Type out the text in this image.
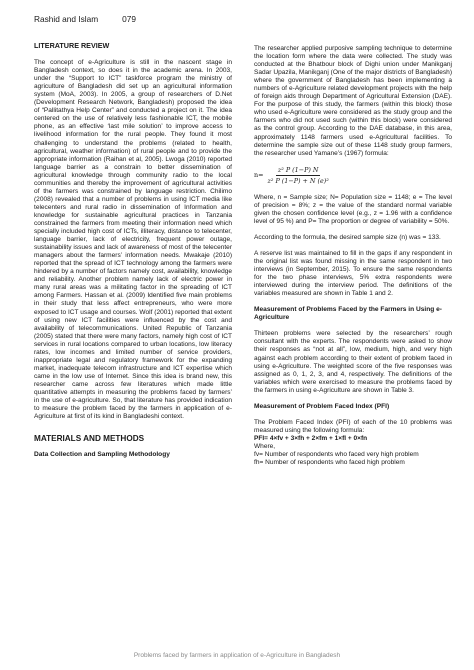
Rashid and Islam	079
LITERATURE REVIEW

The concept of e-Agriculture is still in the nascent stage in Bangladesh context, so does it in the academic arena. In 2003, under the “Support to ICT” taskforce program the ministry of agriculture of Bangladesh did set up an agricultural information system (MoA, 2003). In 2005, a group of researchers of D.Net (Development Research Network, Bangladesh) proposed the idea of “Pallitathya Help Center” and conducted a project on it. The idea centered on the use of relatively less fashionable ICT, the mobile phone, as an effective ‘last mile solution’ to improve access to livelihood information for the rural people. They found it most challenging to understand the problems (related to health, agricultural, weather information) of rural people and to provide the appropriate information (Raihan et al, 2005). Lwoga (2010) reported language barrier as a constrain to better dissemination of agricultural knowledge through community radio to the local communities and thereby the improvement of agricultural activities of the farmers was constrained by language restriction. Chilimo (2008) revealed that a number of problems in using ICT media like telecenters and rural radio in dissemination of Information and knowledge for sustainable agricultural practices in Tanzania constrained the farmers from meeting their information need which specially included high cost of ICTs, illiteracy, distance to telecenter, language barrier, lack of electricity, frequent power outage, sustainability issues and lack of awareness of most of the telecenter managers about the farmers’ information needs. Mwakaje (2010) reported that the spread of ICT technology among the farmers were hindered by a number of factors namely cost, availability, knowledge and reliability. Another problem namely lack of electric power in many rural areas was a militating factor in the spreading of ICT among Farmers. Hassan et al. (2009) Identified five main problems in their study that less affect entrepreneurs, who were more exposed to ICT usage and courses. Wolf (2001) reported that extent of using new ICT facilities were influenced by the cost and availability of telecommunications. United Republic of Tanzania (2005) stated that there were many factors, namely high cost of ICT services in rural locations compared to urban locations, low literacy rates, low incomes and limited number of service providers, inappropriate legal and regulatory framework for the expanding market, inadequate telecom infrastructure and ICT expertise which came in the low use of Internet. Since this idea is brand new, this researcher came across few literatures which made little quantitative attempts in measuring the problems faced by farmers’ in the use of e-agriculture. So, that literature has provided indication to measure the problem faced by the farmers in application of e-Agriculture at first of its kind in Bangladeshi context.

MATERIALS AND METHODS
Data Collection and Sampling Methodology

The researcher applied purposive sampling technique to determine the location form where the data were collected. The study was conducted at the Bhatbour block of Dighi union under Manikganj Sadar Upazila, Manikganj (One of the major districts of Bangladesh) where the government of Bangladesh has been implementing a numbers of e-Agriculture related development projects with the help of foreign aids through Department of Agricultural Extension (DAE). For the purpose of this study, the farmers (within this block) those who used e-Agriculture were considered as the study group and the farmers who did not used such (within this block) were considered as the control group. According to the DAE database, in this area, approximately 1148 farmers used e-Agricultural facilities. To determine the sample size out of these 1148 study group farmers, the researcher used Yamane’s (1967) formula:

$n= \frac{\text{z² P (1−P) N}}{\text{z² P (1−P) + N (e)²}}$

Where, n = Sample size; N= Population size = 1148; e = The level of precision = 8%; z = the value of the standard normal variable given the chosen confidence level (e.g., z = 1.96 with a confidence level of 95 %) and P= The proportion or degree of variability = 50%.

According to the formula, the desired sample size (n) was = 133.

A reserve list was maintained to fill in the gaps if any respondent in the original list was found missing in the same respondent in two interviews (in September, 2015). To ensure the same respondents for the two phase interviews, 5% extra respondents were interviewed during the interview period. The definitions of the variables measured are shown in Table 1 and 2.

Measurement of Problems Faced by the Farmers in Using e-Agriculture

Thirteen problems were selected by the researchers’ rough consultant with the experts. The respondents were asked to show their responses as “not at all”, low, medium, high, and very high against each problem according to their extent of problem faced in using e-Agriculture. The weighted score of the five responses was assigned as 0, 1, 2, 3, and 4, respectively. The definitions of the variables which were exercised to measure the problems faced by the farmers in using e-Agriculture are shown in Table 3.

Measurement of Problem Faced Index (PFI)

The Problem Faced Index (PFI) of each of the 10 problems was measured using the following formula:

PFI= 4×fv + 3×fh + 2×fm + 1×fl + 0×fn
Where,
fv= Number of respondents who faced very high problem
fh= Number of respondents who faced high problem
Problems faced by farmers in application of e-Agriculture in Bangladesh
